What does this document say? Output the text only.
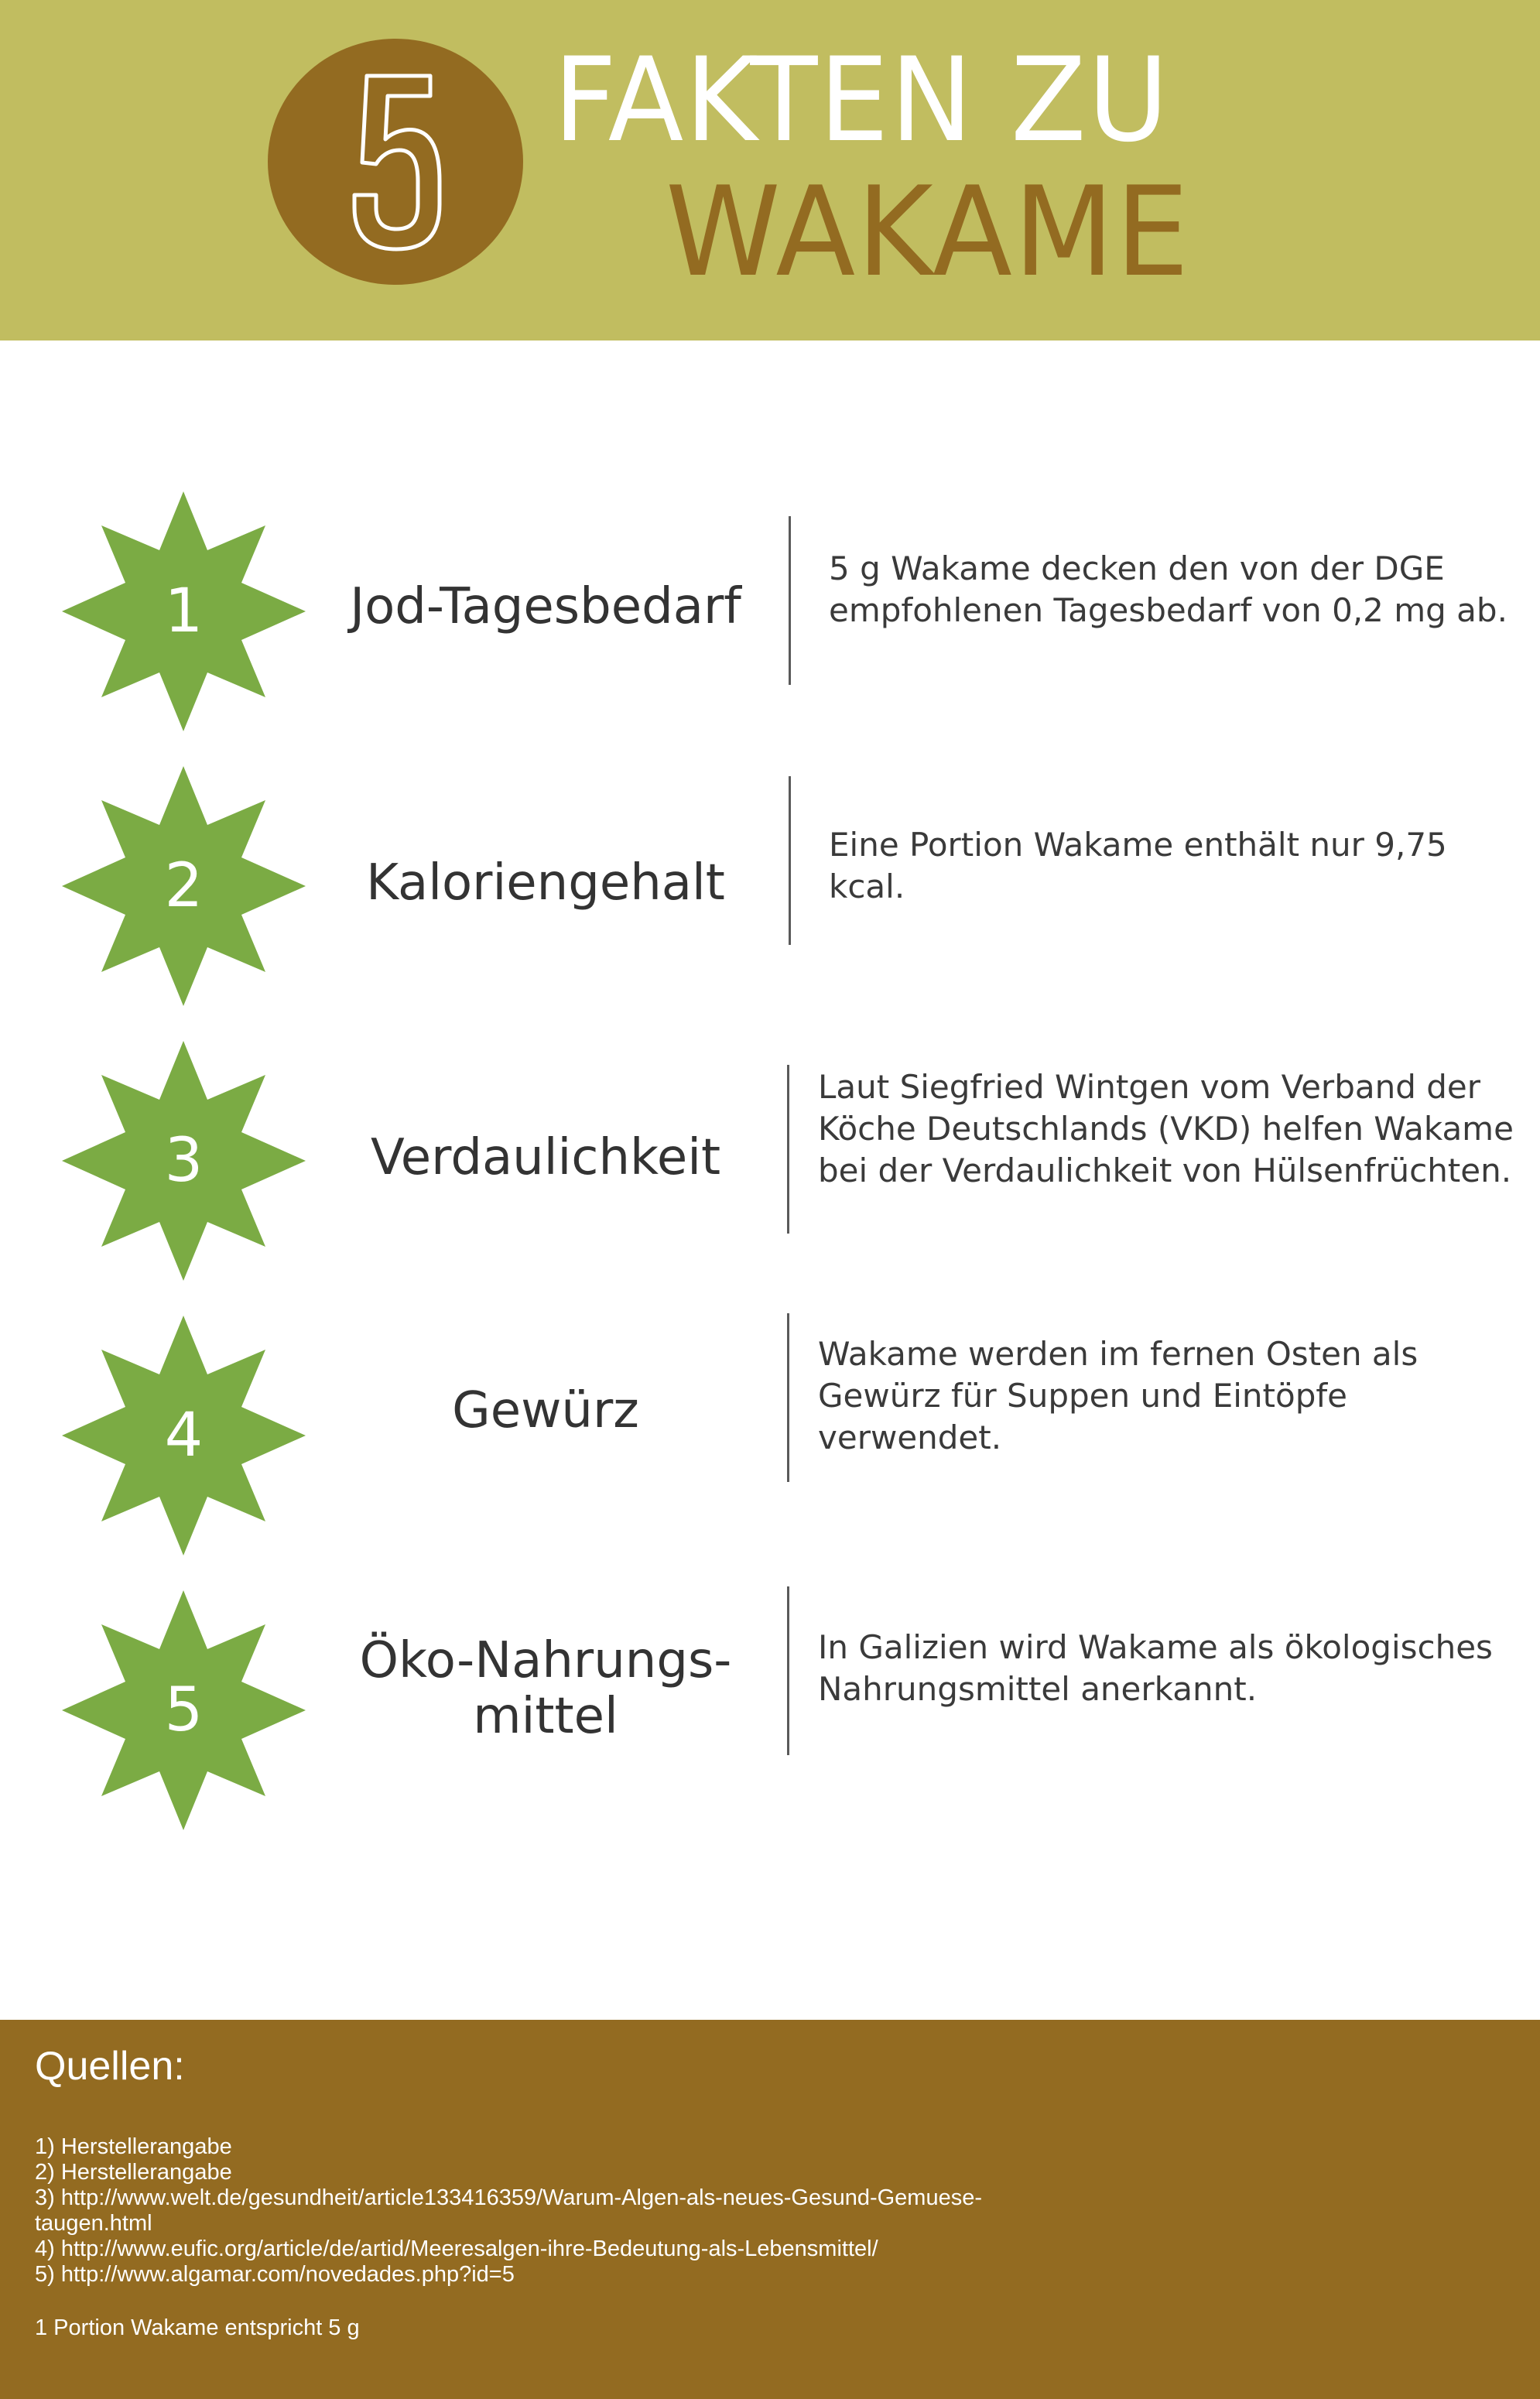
FAKTEN ZU
WAKAME
1	Jod-Tagesbedarf
5 g Wakame decken den von der DGE empfohlenen Tagesbedarf von 0,2 mg ab.
2	Kaloriengehalt
Eine Portion Wakame enthält nur 9,75 kcal.
3	Verdaulichkeit
Laut Siegfried Wintgen vom Verband der Köche Deutschlands (VKD) helfen Wakame bei der Verdaulichkeit von Hülsenfrüchten.
4	Gewürz
Wakame werden im fernen Osten als Gewürz für Suppen und Eintöpfe verwendet.
5
Öko-Nahrungs-mittel
In Galizien wird Wakame als ökologisches Nahrungsmittel anerkannt.
Quellen:
1) Herstellerangabe
2) Herstellerangabe
3) http://www.welt.de/gesundheit/article133416359/Warum-Algen-als-neues-Gesund-Gemuese-
taugen.html
4) http://www.eufic.org/article/de/artid/Meeresalgen-ihre-Bedeutung-als-Lebensmittel/
5) http://www.algamar.com/novedades.php?id=5
1 Portion Wakame entspricht 5 g
